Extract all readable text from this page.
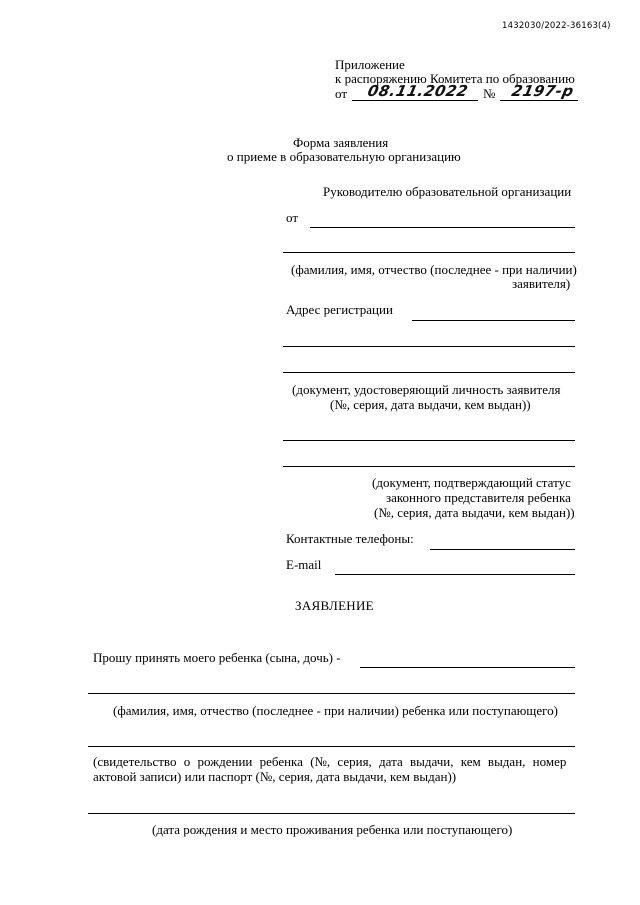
1432030/2022-36163(4)
Приложение
к распоряжению Комитета по образованию
от 08.11.2022 № 2197-р
Форма заявления
о приеме в образовательную организацию
Руководителю образовательной организации
от
(фамилия, имя, отчество (последнее - при наличии)
заявителя)
Адрес регистрации
(документ, удостоверяющий личность заявителя
(№, серия, дата выдачи, кем выдан))
(документ, подтверждающий статус
законного представителя ребенка
(№, серия, дата выдачи, кем выдан))
Контактные телефоны:
E-mail
ЗАЯВЛЕНИЕ
Прошу принять моего ребенка (сына, дочь) -
(фамилия, имя, отчество (последнее - при наличии) ребенка или поступающего)
(свидетельство о рождении ребенка (№, серия, дата выдачи, кем выдан, номер
актовой записи) или паспорт (№, серия, дата выдачи, кем выдан))
(дата рождения и место проживания ребенка или поступающего)
